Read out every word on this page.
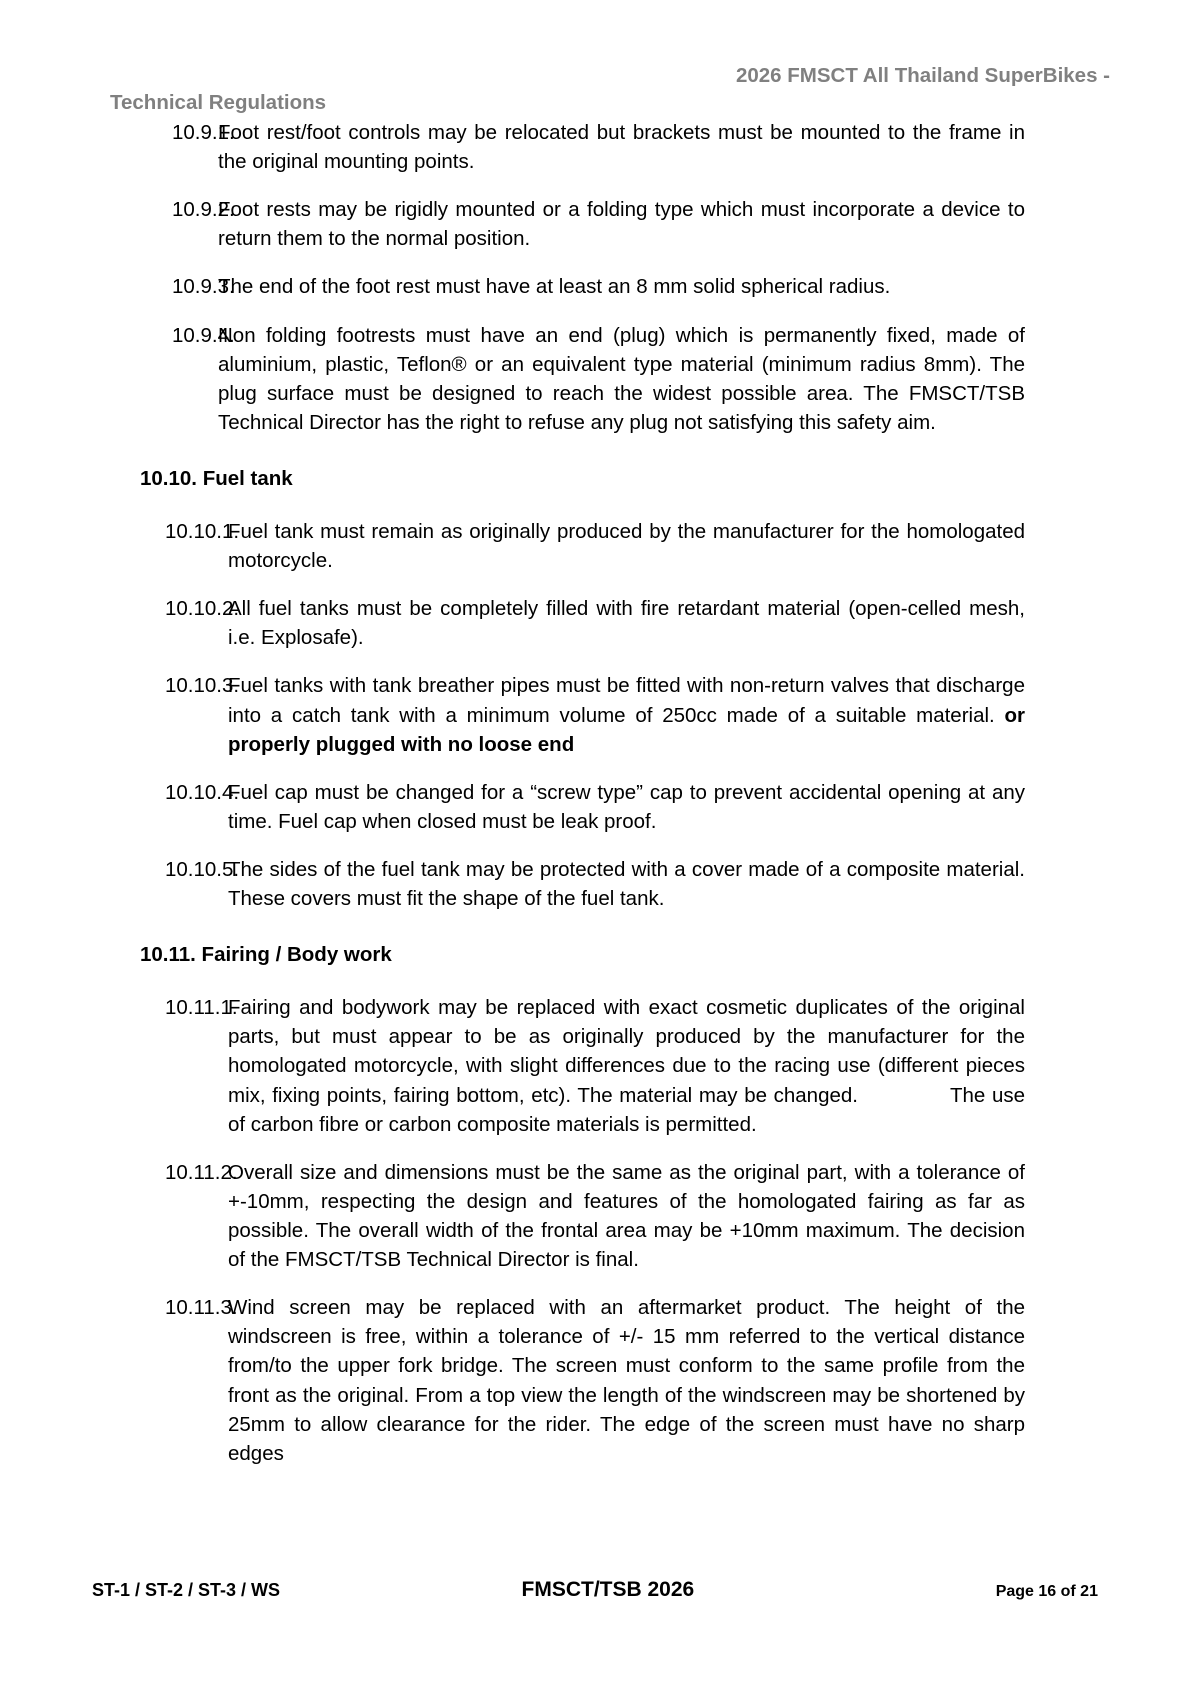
2026 FMSCT All Thailand SuperBikes -
Technical Regulations
10.9.1.
Foot rest/foot controls may be relocated but brackets must be mounted to the frame in the original mounting points.
10.9.2.
Foot rests may be rigidly mounted or a folding type which must incorporate a device to return them to the normal position.
10.9.3.
The end of the foot rest must have at least an 8 mm solid spherical radius.
10.9.4.
Non folding footrests must have an end (plug) which is permanently fixed, made of aluminium, plastic, Teflon® or an equivalent type material (minimum radius 8mm). The plug surface must be designed to reach the widest possible area. The FMSCT/TSB Technical Director has the right to refuse any plug not satisfying this safety aim.
10.10. Fuel tank
10.10.1.
Fuel tank must remain as originally produced by the manufacturer for the homologated motorcycle.
10.10.2.
All fuel tanks must be completely filled with fire retardant material (open-celled mesh, i.e. Explosafe).
10.10.3.
Fuel tanks with tank breather pipes must be fitted with non-return valves that discharge into a catch tank with a minimum volume of 250cc made of a suitable material. or properly plugged with no loose end
10.10.4.
Fuel cap must be changed for a “screw type” cap to prevent accidental opening at any time. Fuel cap when closed must be leak proof.
10.10.5.
The sides of the fuel tank may be protected with a cover made of a composite material. These covers must fit the shape of the fuel tank.
10.11. Fairing / Body work
10.11.1.
Fairing and bodywork may be replaced with exact cosmetic duplicates of the original parts, but must appear to be as originally produced by the manufacturer for the homologated motorcycle, with slight differences due to the racing use (different pieces mix, fixing points, fairing bottom, etc). The material may be changed.	The use of carbon fibre or carbon composite materials is permitted.
10.11.2.
Overall size and dimensions must be the same as the original part, with a tolerance of +-10mm, respecting the design and features of the homologated fairing as far as possible. The overall width of the frontal area may be +10mm maximum. The decision of the FMSCT/TSB Technical Director is final.
10.11.3.
Wind screen may be replaced with an aftermarket product. The height of the windscreen is free, within a tolerance of +/- 15 mm referred to the vertical distance from/to the upper fork bridge. The screen must conform to the same profile from the front as the original. From a top view the length of the windscreen may be shortened by 25mm to allow clearance for the rider. The edge of the screen must have no sharp edges
ST-1 / ST-2 / ST-3 / WS	FMSCT/TSB 2026	Page 16 of 21
